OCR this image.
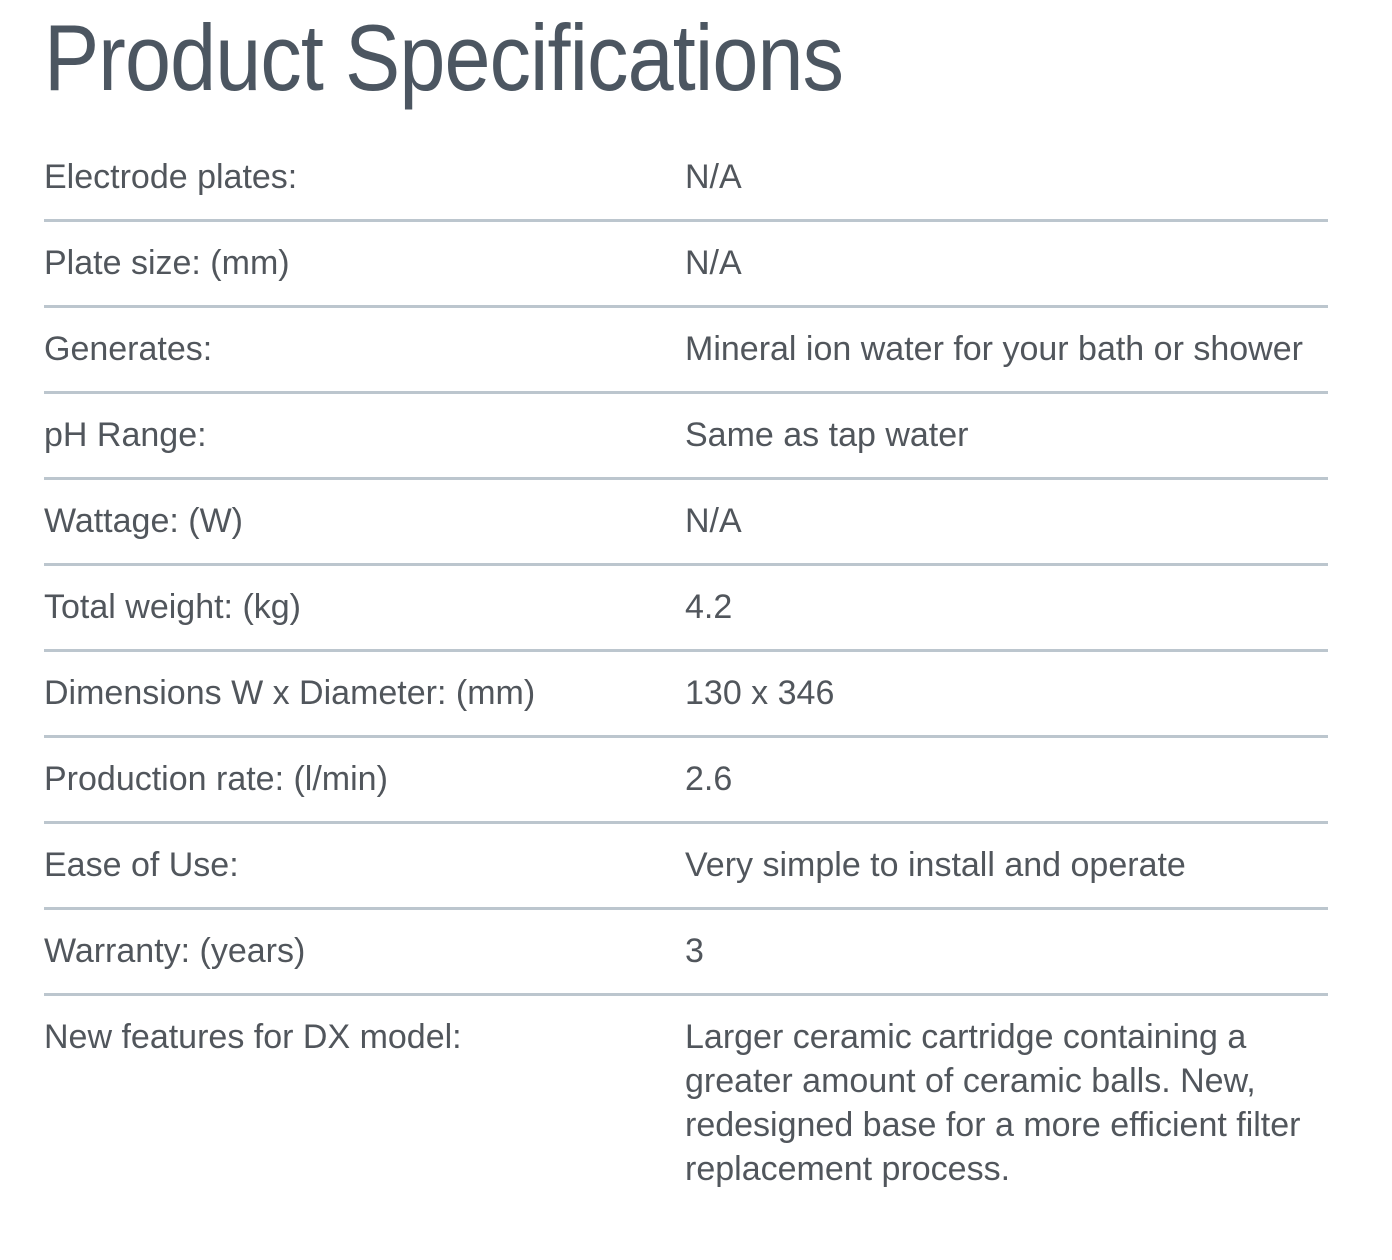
Product Specifications
Electrode plates:	N/A
Plate size: (mm)	N/A
Generates:	Mineral ion water for your bath or shower
pH Range:	Same as tap water
Wattage: (W)	N/A
Total weight: (kg)	4.2
Dimensions W x Diameter: (mm)	130 x 346
Production rate: (l/min)	2.6
Ease of Use:	Very simple to install and operate
Warranty: (years)	3
New features for DX model:	Larger ceramic cartridge containing a greater amount of ceramic balls. New, redesigned base for a more efficient filter replacement process.
